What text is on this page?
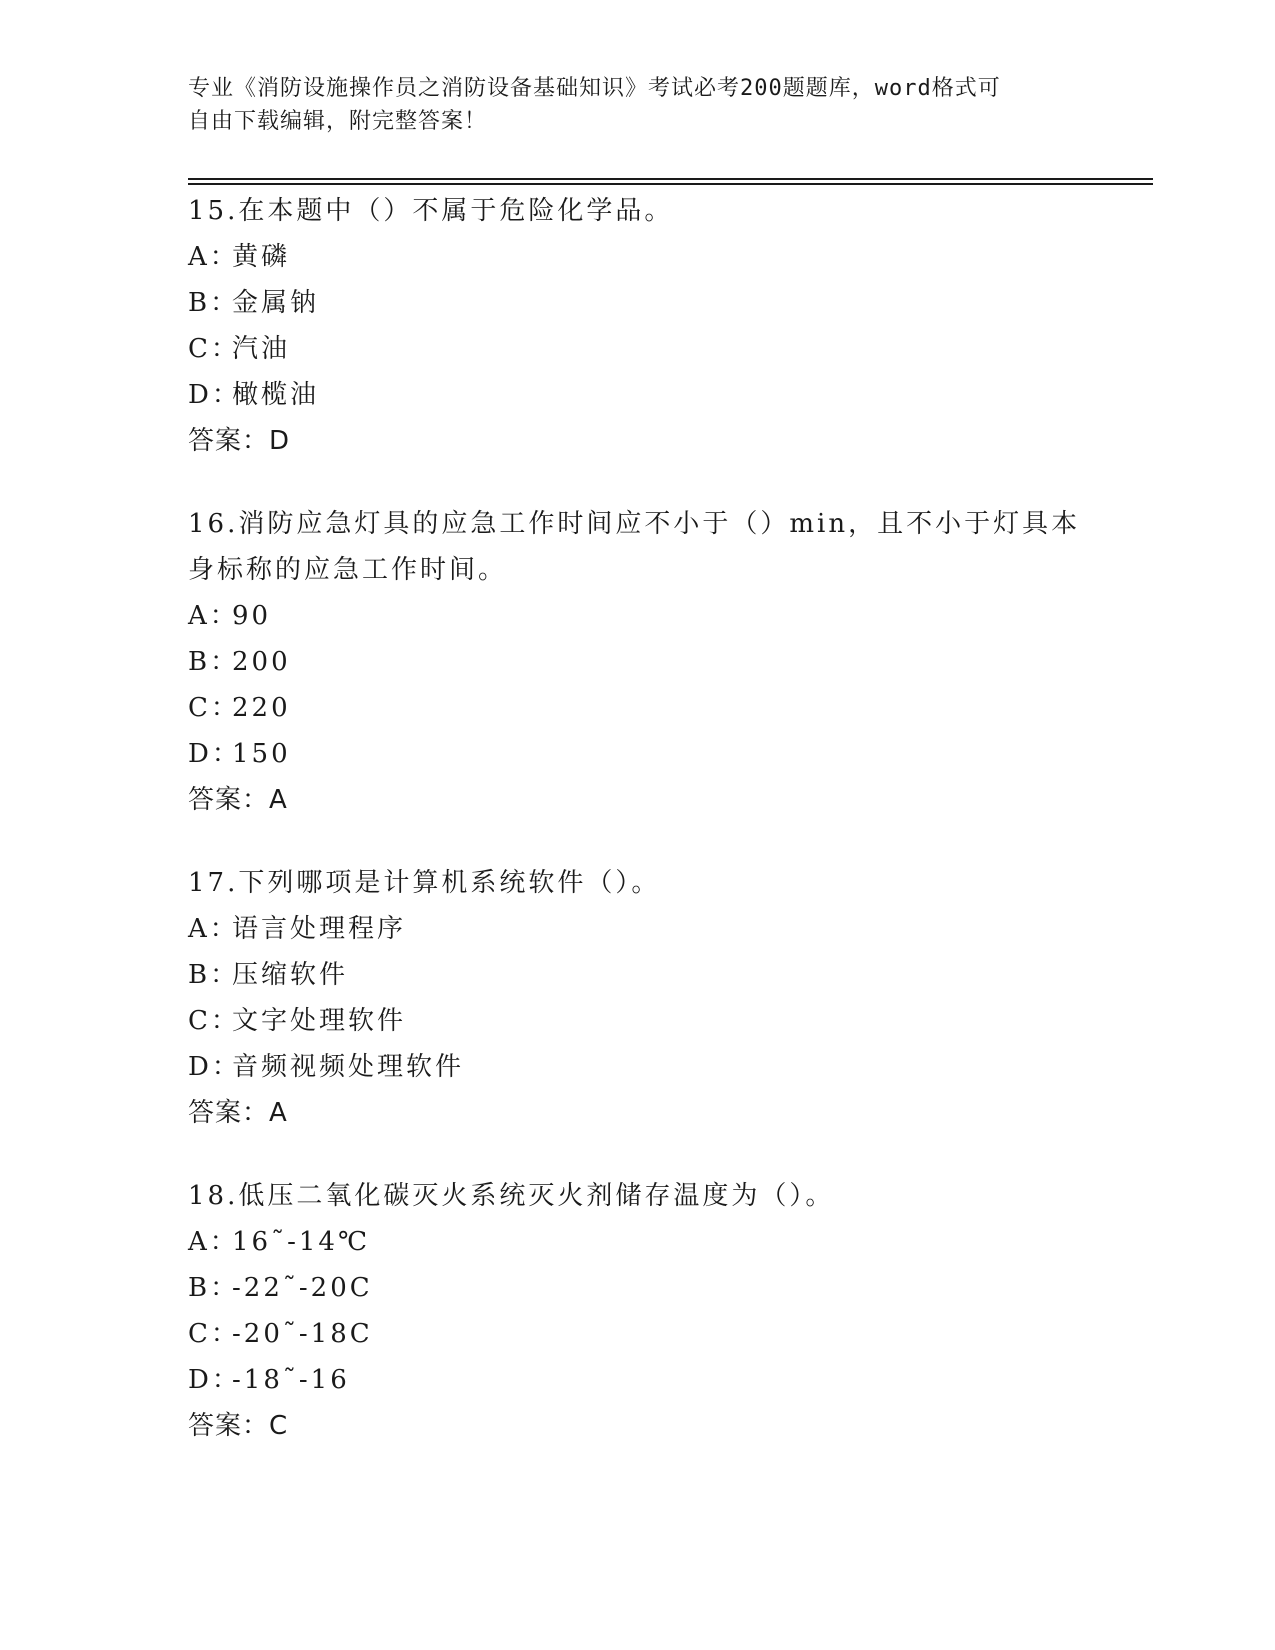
专业《消防设施操作员之消防设备基础知识》考试必考200题题库，word格式可
自由下载编辑，附完整答案！
15.在本题中（）不属于危险化学品。
A：黄磷
B：金属钠
C：汽油
D：橄榄油
答案：D
16.消防应急灯具的应急工作时间应不小于（）min，且不小于灯具本
身标称的应急工作时间。
A：90
B：200
C：220
D：150
答案：A
17.下列哪项是计算机系统软件（）。
A：语言处理程序
B：压缩软件
C：文字处理软件
D：音频视频处理软件
答案：A
18.低压二氧化碳灭火系统灭火剂储存温度为（）。
A：16˜-14℃
B：-22˜-20C
C：-20˜-18C
D：-18˜-16
答案：C
